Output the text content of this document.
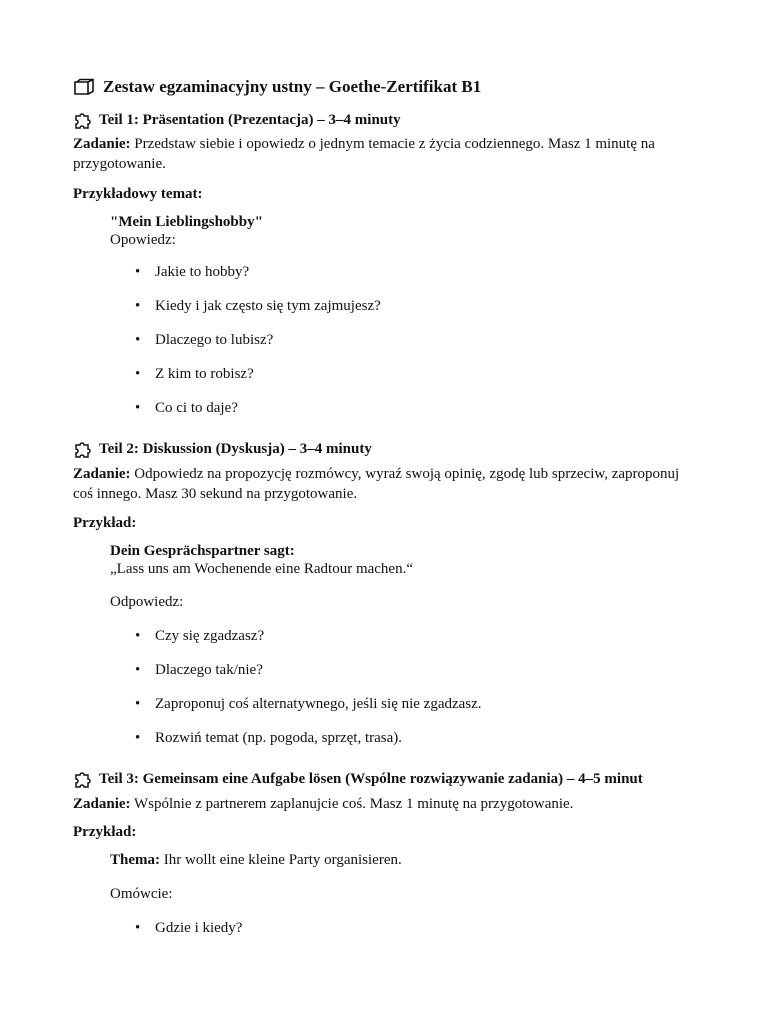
Zestaw egzaminacyjny ustny – Goethe-Zertifikat B1
Teil 1: Präsentation (Prezentacja) – 3–4 minuty

Zadanie: Przedstaw siebie i opowiedz o jednym temacie z życia codziennego. Masz 1 minutę na przygotowanie.

Przykładowy temat:

"Mein Lieblingshobby"

Opowiedz:

• Jakie to hobby?

• Kiedy i jak często się tym zajmujesz?

• Dlaczego to lubisz?

• Z kim to robisz?

• Co ci to daje?

Teil 2: Diskussion (Dyskusja) – 3–4 minuty

Zadanie: Odpowiedz na propozycję rozmówcy, wyraź swoją opinię, zgodę lub sprzeciw, zaproponuj coś innego. Masz 30 sekund na przygotowanie.

Przykład:

Dein Gesprächspartner sagt:

„Lass uns am Wochenende eine Radtour machen.“

Odpowiedz:

• Czy się zgadzasz?

• Dlaczego tak/nie?

• Zaproponuj coś alternatywnego, jeśli się nie zgadzasz.

• Rozwiń temat (np. pogoda, sprzęt, trasa).

Teil 3: Gemeinsam eine Aufgabe lösen (Wspólne rozwiązywanie zadania) – 4–5 minut

Zadanie: Wspólnie z partnerem zaplanujcie coś. Masz 1 minutę na przygotowanie.

Przykład:

Thema: Ihr wollt eine kleine Party organisieren.

Omówcie:

• Gdzie i kiedy?
